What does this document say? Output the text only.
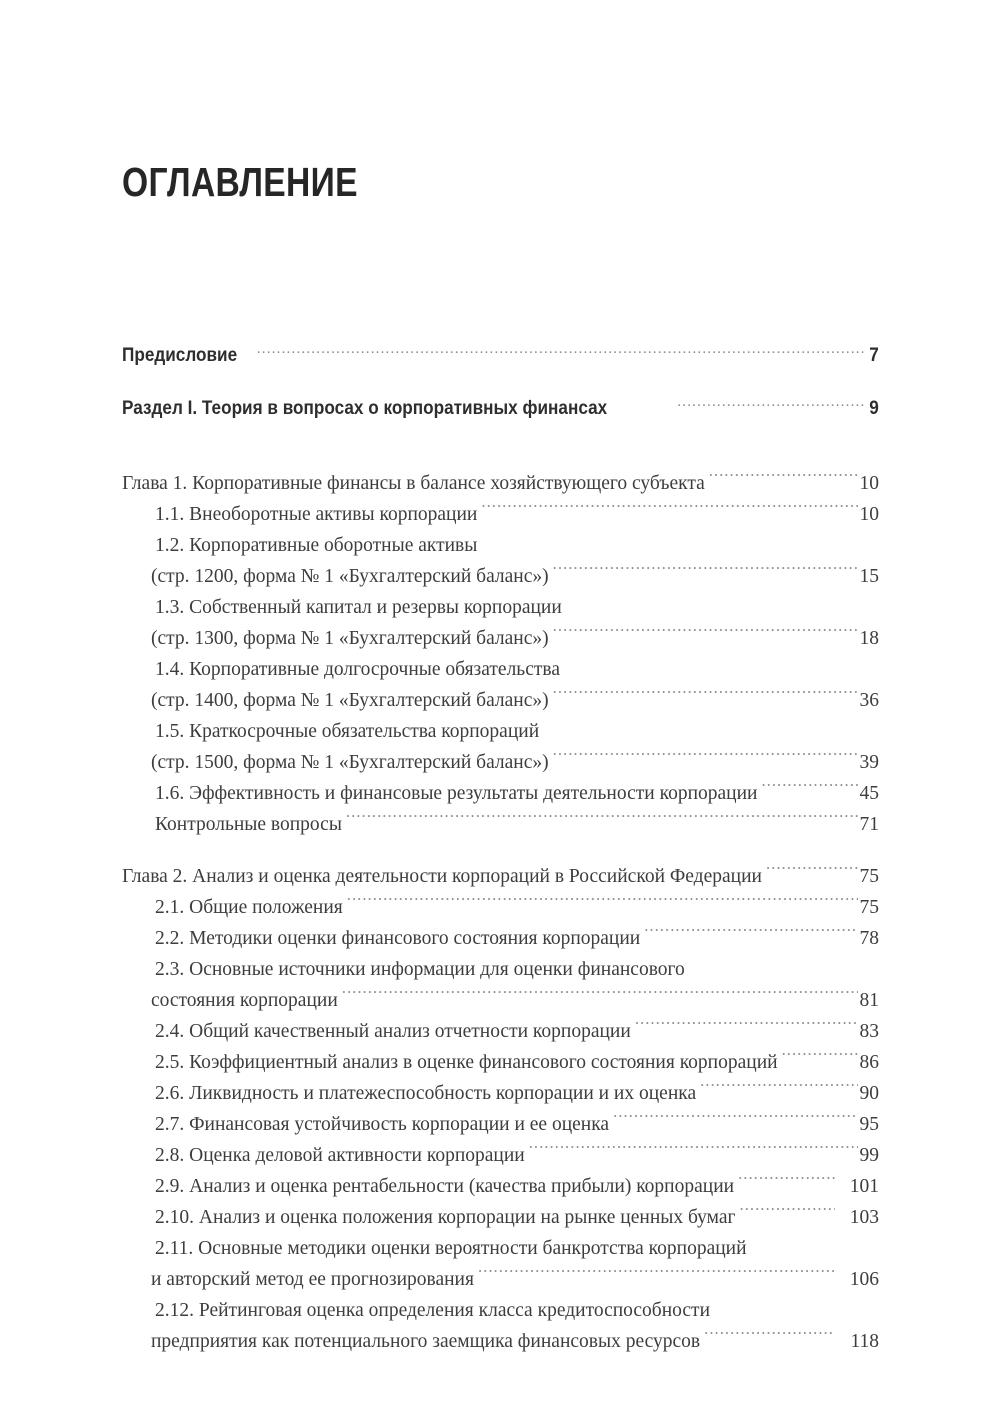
ОГЛАВЛЕНИЕ
Предисловие .....	7
Раздел I. Теория в вопросах о корпоративных финансах .....	9
Глава 1. Корпоративные финансы в балансе хозяйствующего субъекта .....	10
1.1. Внеоборотные активы корпорации .....	10
1.2. Корпоративные оборотные активы
(стр. 1200, форма № 1 «Бухгалтерский баланс») .....	15
1.3. Собственный капитал и резервы корпорации
(стр. 1300, форма № 1 «Бухгалтерский баланс») .....	18
1.4. Корпоративные долгосрочные обязательства
(стр. 1400, форма № 1 «Бухгалтерский баланс») .....	36
1.5. Краткосрочные обязательства корпораций
(стр. 1500, форма № 1 «Бухгалтерский баланс») .....	39
1.6. Эффективность и финансовые результаты деятельности корпорации .....	45
Контрольные вопросы .....	71
Глава 2. Анализ и оценка деятельности корпораций в Российской Федерации .....	75
2.1. Общие положения .....	75
2.2. Методики оценки финансового состояния корпорации .....	78
2.3. Основные источники информации для оценки финансового
состояния корпорации .....	81
2.4. Общий качественный анализ отчетности корпорации .....	83
2.5. Коэффициентный анализ в оценке финансового состояния корпораций .....	86
2.6. Ликвидность и платежеспособность корпорации и их оценка .....	90
2.7. Финансовая устойчивость корпорации и ее оценка .....	95
2.8. Оценка деловой активности корпорации .....	99
2.9. Анализ и оценка рентабельности (качества прибыли) корпорации .....	101
2.10. Анализ и оценка положения корпорации на рынке ценных бумаг .....	103
2.11. Основные методики оценки вероятности банкротства корпораций
и авторский метод ее прогнозирования .....	106
2.12. Рейтинговая оценка определения класса кредитоспособности
предприятия как потенциального заемщика финансовых ресурсов .....	118
